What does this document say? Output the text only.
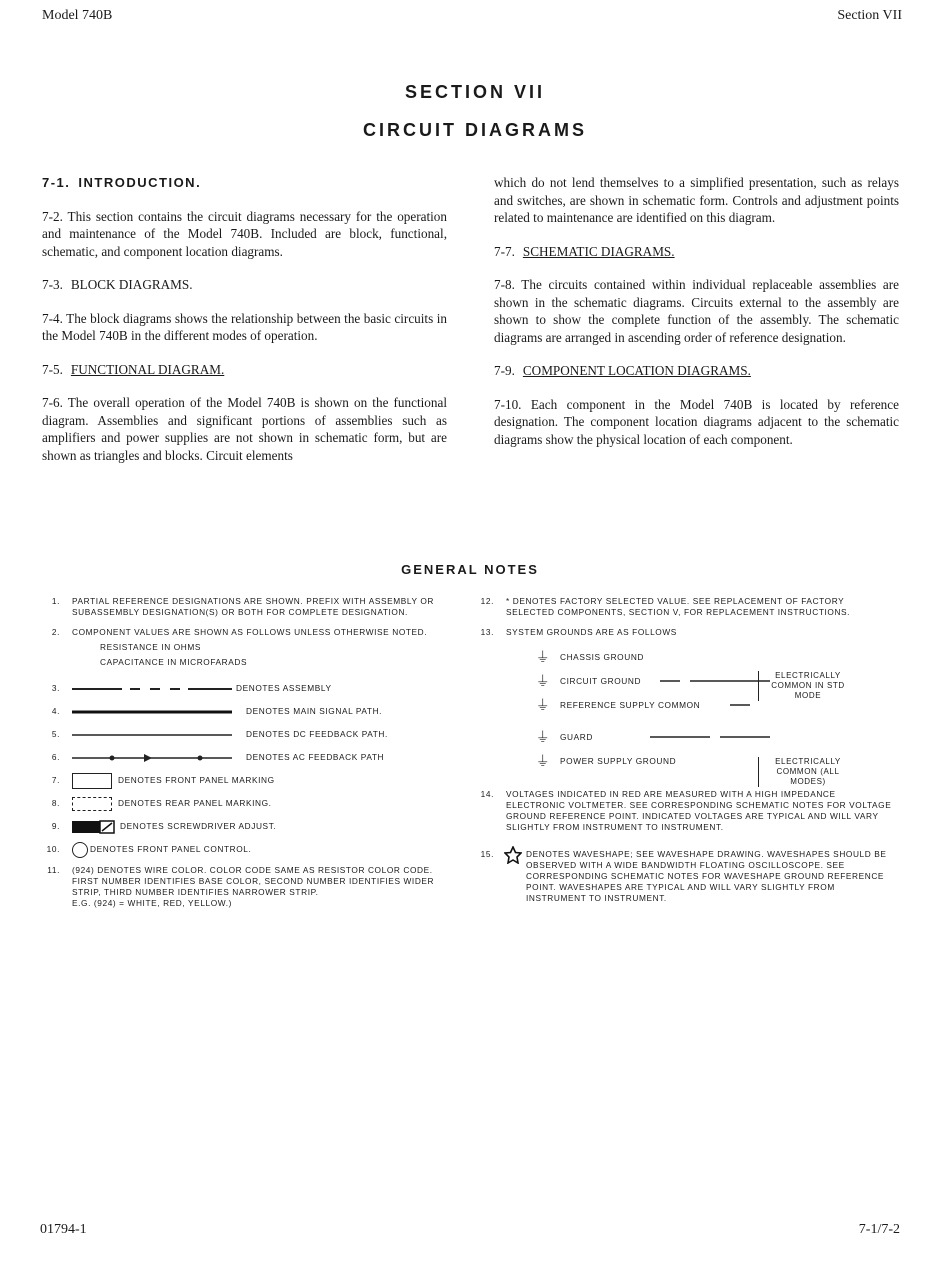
Model 740B	Section VII
SECTION VII
CIRCUIT DIAGRAMS
7-1. INTRODUCTION.

7-2. This section contains the circuit diagrams necessary for the operation and maintenance of the Model 740B. Included are block, functional, schematic, and component location diagrams.

7-3. BLOCK DIAGRAMS.

7-4. The block diagrams shows the relationship between the basic circuits in the Model 740B in the different modes of operation.

7-5. FUNCTIONAL DIAGRAM.

7-6. The overall operation of the Model 740B is shown on the functional diagram. Assemblies and significant portions of assemblies such as amplifiers and power supplies are not shown in schematic form, but are shown as triangles and blocks. Circuit elements

which do not lend themselves to a simplified presentation, such as relays and switches, are shown in schematic form. Controls and adjustment points related to maintenance are identified on this diagram.

7-7. SCHEMATIC DIAGRAMS.

7-8. The circuits contained within individual replaceable assemblies are shown in the schematic diagrams. Circuits external to the assembly are shown to show the complete function of the assembly. The schematic diagrams are arranged in ascending order of reference designation.

7-9. COMPONENT LOCATION DIAGRAMS.

7-10. Each component in the Model 740B is located by reference designation. The component location diagrams adjacent to the schematic diagrams show the physical location of each component.

GENERAL NOTES
1.	PARTIAL REFERENCE DESIGNATIONS ARE SHOWN. PREFIX WITH ASSEMBLY OR SUBASSEMBLY DESIGNATION(S) OR BOTH FOR COMPLETE DESIGNATION.
2.	COMPONENT VALUES ARE SHOWN AS FOLLOWS UNLESS OTHERWISE NOTED.
RESISTANCE IN OHMS
CAPACITANCE IN MICROFARADS
3.	DENOTES ASSEMBLY
4.	DENOTES MAIN SIGNAL PATH.
5.	DENOTES DC FEEDBACK PATH.
6.	DENOTES AC FEEDBACK PATH
7.	DENOTES FRONT PANEL MARKING
8.	DENOTES REAR PANEL MARKING.
9.	DENOTES SCREWDRIVER ADJUST.
10.	DENOTES FRONT PANEL CONTROL.
11.	(924) DENOTES WIRE COLOR. COLOR CODE SAME AS RESISTOR COLOR CODE. FIRST NUMBER IDENTIFIES BASE COLOR, SECOND NUMBER IDENTIFIES WIDER STRIP, THIRD NUMBER IDENTIFIES NARROWER STRIP.
E.G. (924) = WHITE, RED, YELLOW.)
12.	* DENOTES FACTORY SELECTED VALUE. SEE REPLACEMENT OF FACTORY SELECTED COMPONENTS, SECTION V, FOR REPLACEMENT INSTRUCTIONS.
13.	SYSTEM GROUNDS ARE AS FOLLOWS
⏚	CHASSIS GROUND
⏚	CIRCUIT GROUND
⏚	REFERENCE SUPPLY COMMON
ELECTRICALLY COMMON IN STD MODE
⏚	GUARD
⏚	POWER SUPPLY GROUND	ELECTRICALLY COMMON (ALL MODES)
14.	VOLTAGES INDICATED IN RED ARE MEASURED WITH A HIGH IMPEDANCE ELECTRONIC VOLTMETER. SEE CORRESPONDING SCHEMATIC NOTES FOR VOLTAGE GROUND REFERENCE POINT. INDICATED VOLTAGES ARE TYPICAL AND WILL VARY SLIGHTLY FROM INSTRUMENT TO INSTRUMENT.
15.	DENOTES WAVESHAPE; SEE WAVESHAPE DRAWING. WAVESHAPES SHOULD BE OBSERVED WITH A WIDE BANDWIDTH FLOATING OSCILLOSCOPE. SEE CORRESPONDING SCHEMATIC NOTES FOR WAVESHAPE GROUND REFERENCE POINT. WAVESHAPES ARE TYPICAL AND WILL VARY SLIGHTLY FROM INSTRUMENT TO INSTRUMENT.
01794-1	7-1/7-2
